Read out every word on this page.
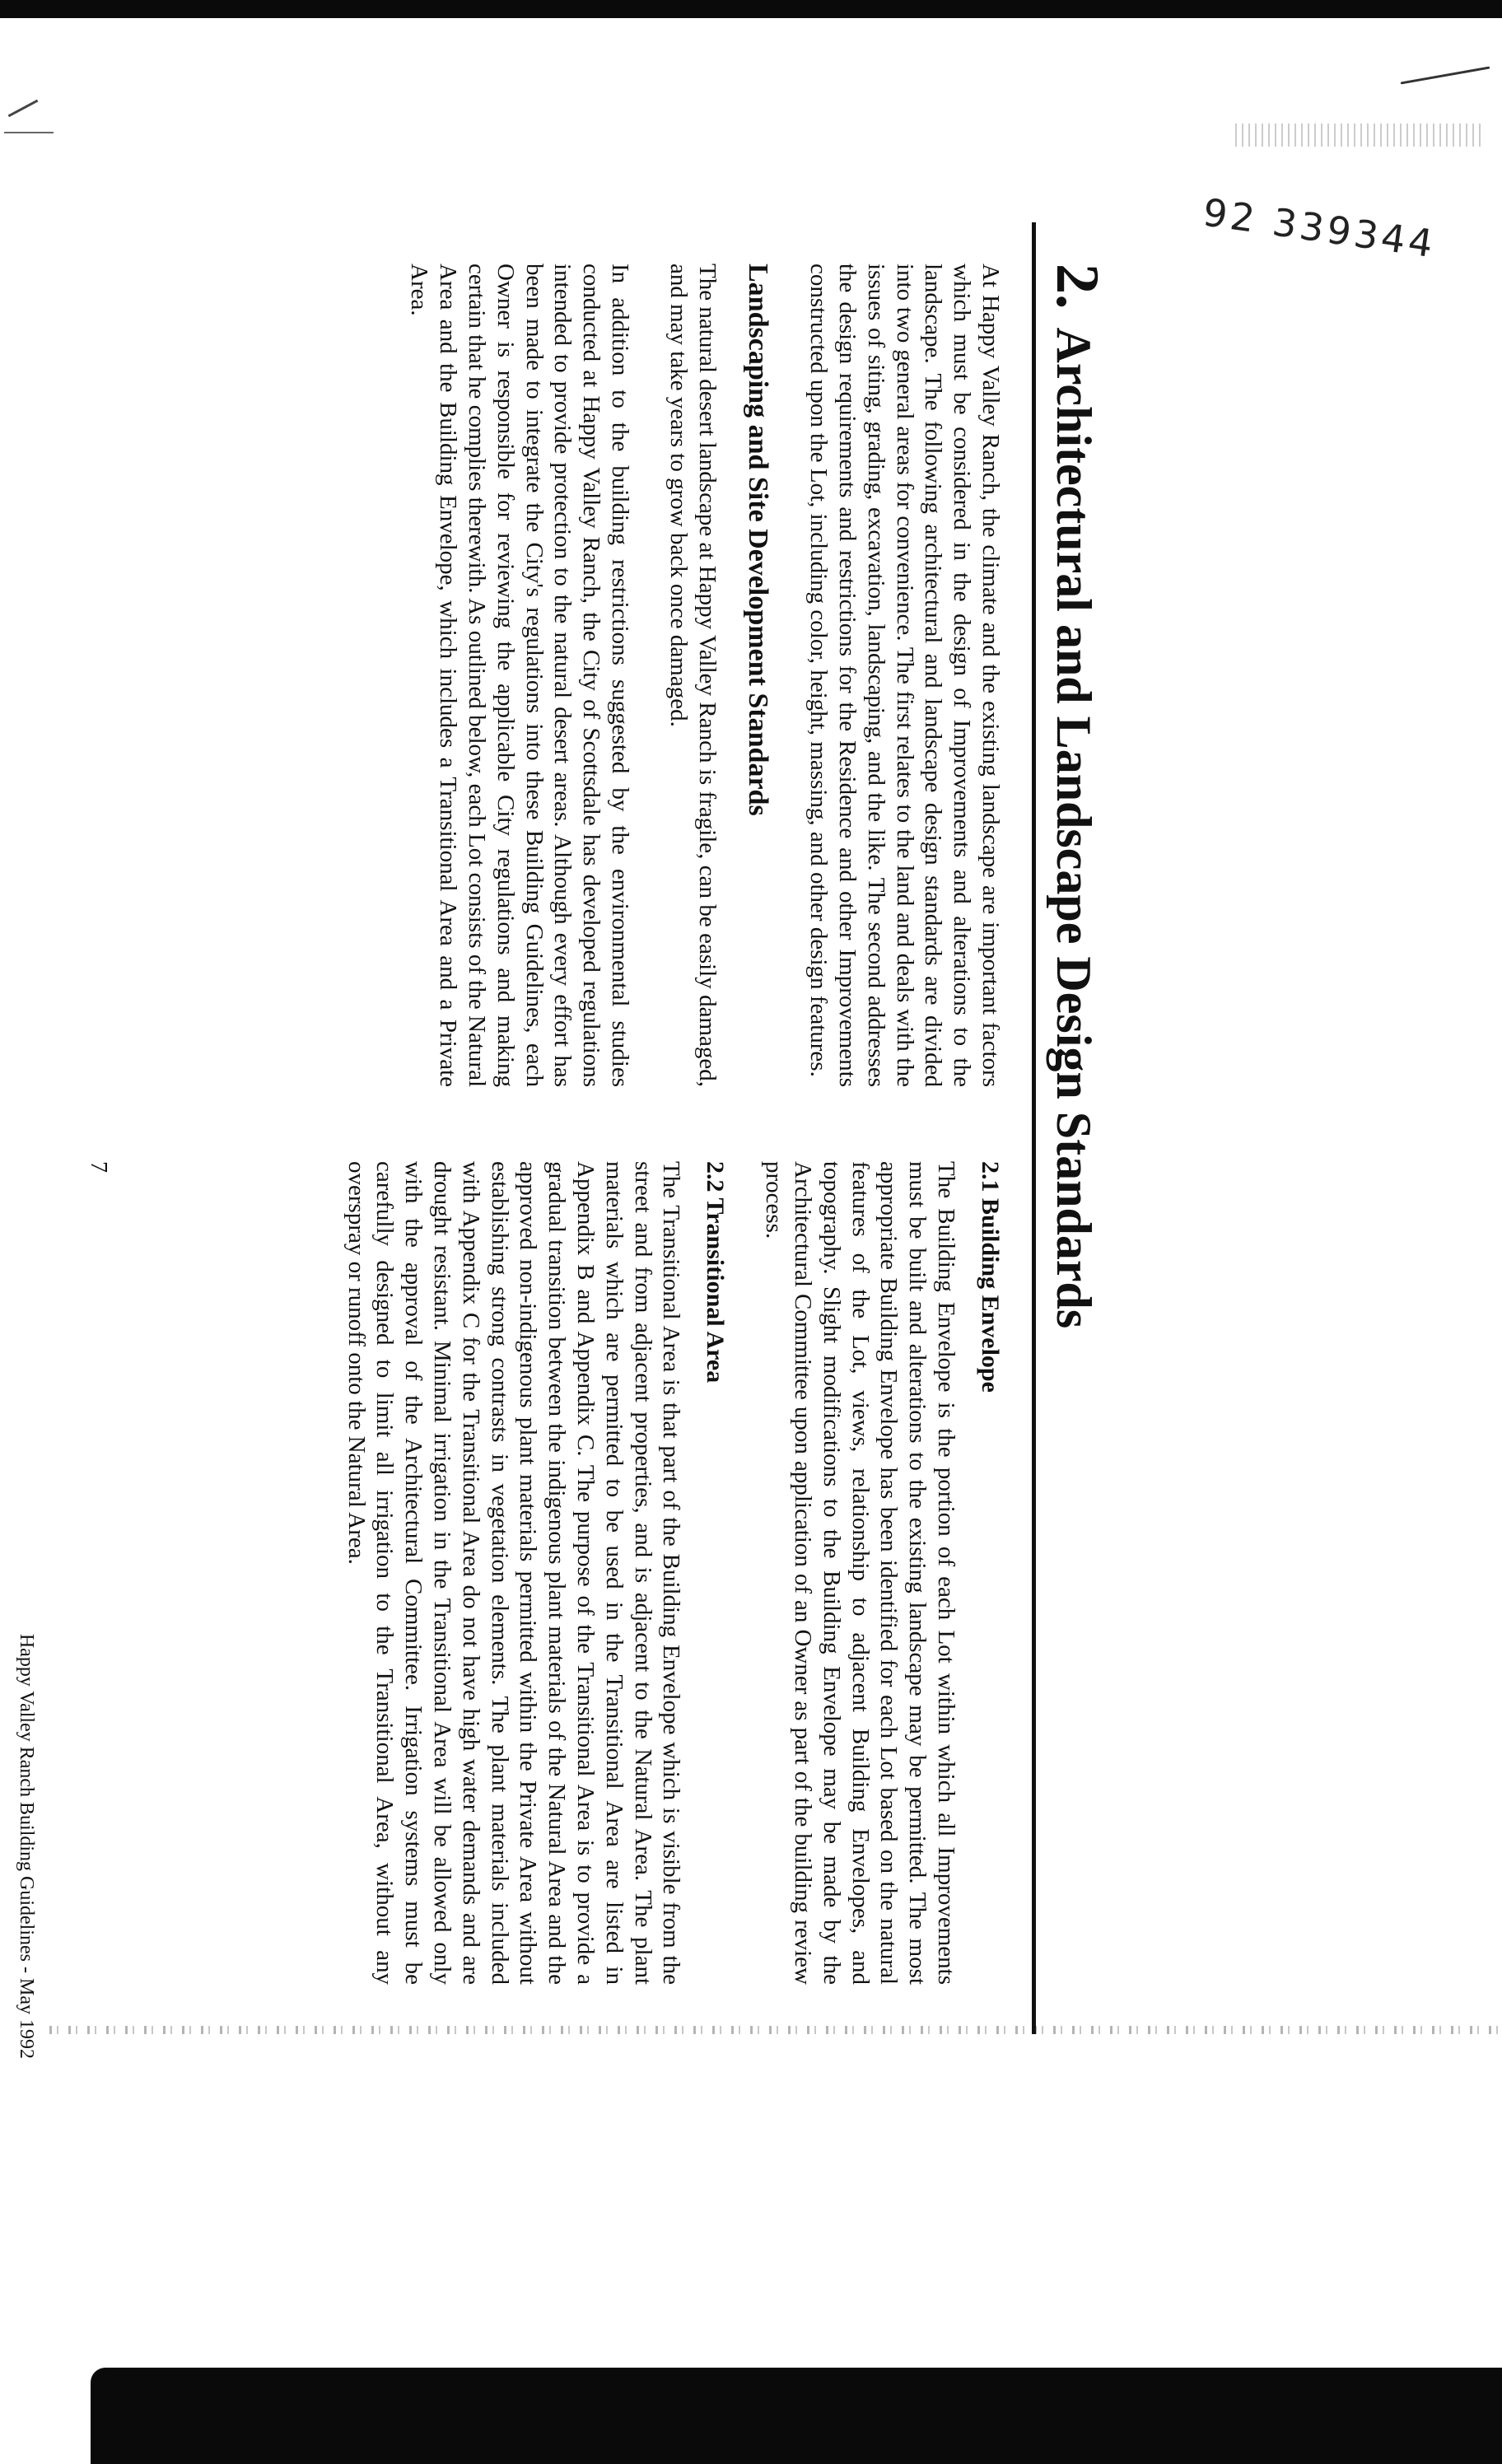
92 339344
2.
Architectural and Landscape Design Standards

At Happy Valley Ranch, the climate and the existing landscape are important factors which must be considered in the design of Improvements and alterations to the landscape. The following architectural and landscape design standards are divided into two general areas for convenience. The first relates to the land and deals with the issues of siting, grading, excavation, landscaping, and the like. The second addresses the design requirements and restrictions for the Residence and other Improvements constructed upon the Lot, including color, height, massing, and other design features.

Landscaping and Site Development Standards

The natural desert landscape at Happy Valley Ranch is fragile, can be easily damaged, and may take years to grow back once damaged.

In addition to the building restrictions suggested by the environmental studies conducted at Happy Valley Ranch, the City of Scottsdale has developed regulations intended to provide protection to the natural desert areas. Although every effort has been made to integrate the City's regulations into these Building Guidelines, each Owner is responsible for reviewing the applicable City regulations and making certain that he complies therewith. As outlined below, each Lot consists of the Natural Area and the Building Envelope, which includes a Transitional Area and a Private Area.

2.1 Building Envelope

The Building Envelope is the portion of each Lot within which all Improvements must be built and alterations to the existing landscape may be permitted. The most appropriate Building Envelope has been identified for each Lot based on the natural features of the Lot, views, relationship to adjacent Building Envelopes, and topography. Slight modifications to the Building Envelope may be made by the Architectural Committee upon application of an Owner as part of the building review process.

2.2 Transitional Area

The Transitional Area is that part of the Building Envelope which is visible from the street and from adjacent properties, and is adjacent to the Natural Area. The plant materials which are permitted to be used in the Transitional Area are listed in Appendix B and Appendix C. The purpose of the Transitional Area is to provide a gradual transition between the indigenous plant materials of the Natural Area and the approved non-indigenous plant materials permitted within the Private Area without establishing strong contrasts in vegetation elements. The plant materials included with Appendix C for the Transitional Area do not have high water demands and are drought resistant. Minimal irrigation in the Transitional Area will be allowed only with the approval of the Architectural Committee. Irrigation systems must be carefully designed to limit all irrigation to the Transitional Area, without any overspray or runoff onto the Natural Area.

7
Happy Valley Ranch Building Guidelines - May 1992
